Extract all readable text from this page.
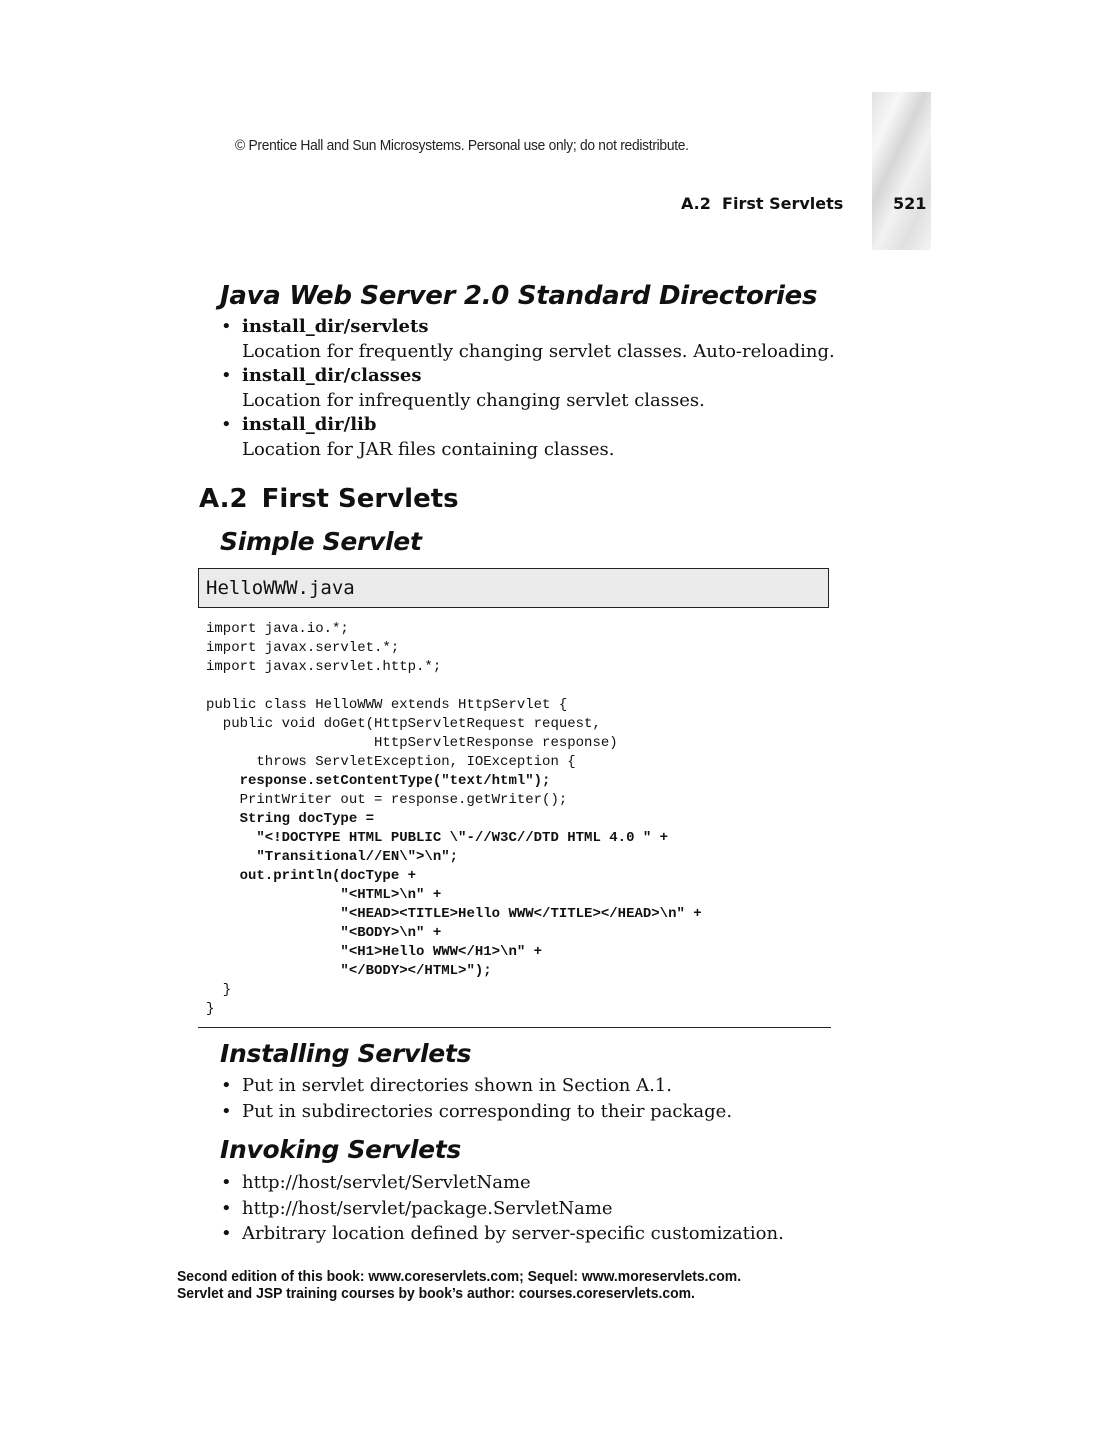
© Prentice Hall and Sun Microsystems. Personal use only; do not redistribute.
A.2  First Servlets	521
Java Web Server 2.0 Standard Directories
• install_dir/servlets
Location for frequently changing servlet classes. Auto-reloading.
• install_dir/classes
Location for infrequently changing servlet classes.
• install_dir/lib
Location for JAR files containing classes.
A.2 First Servlets
Simple Servlet
HelloWWW.java
import java.io.*;
import javax.servlet.*;
import javax.servlet.http.*;

public class HelloWWW extends HttpServlet {
public void doGet(HttpServletRequest request,
HttpServletResponse response)
throws ServletException, IOException {
response.setContentType("text/html");
PrintWriter out = response.getWriter();
String docType =
"<!DOCTYPE HTML PUBLIC \"-//W3C//DTD HTML 4.0 " +
"Transitional//EN\">\n";
out.println(docType +
"<HTML>\n" +
"<HEAD><TITLE>Hello WWW</TITLE></HEAD>\n" +
"<BODY>\n" +
"<H1>Hello WWW</H1>\n" +
"</BODY></HTML>");
}
}
Installing Servlets
• Put in servlet directories shown in Section A.1.
• Put in subdirectories corresponding to their package.
Invoking Servlets
• http://host/servlet/ServletName
• http://host/servlet/package.ServletName
• Arbitrary location defined by server-specific customization.
Second edition of this book: www.coreservlets.com; Sequel: www.moreservlets.com.
Servlet and JSP training courses by book’s author: courses.coreservlets.com.
